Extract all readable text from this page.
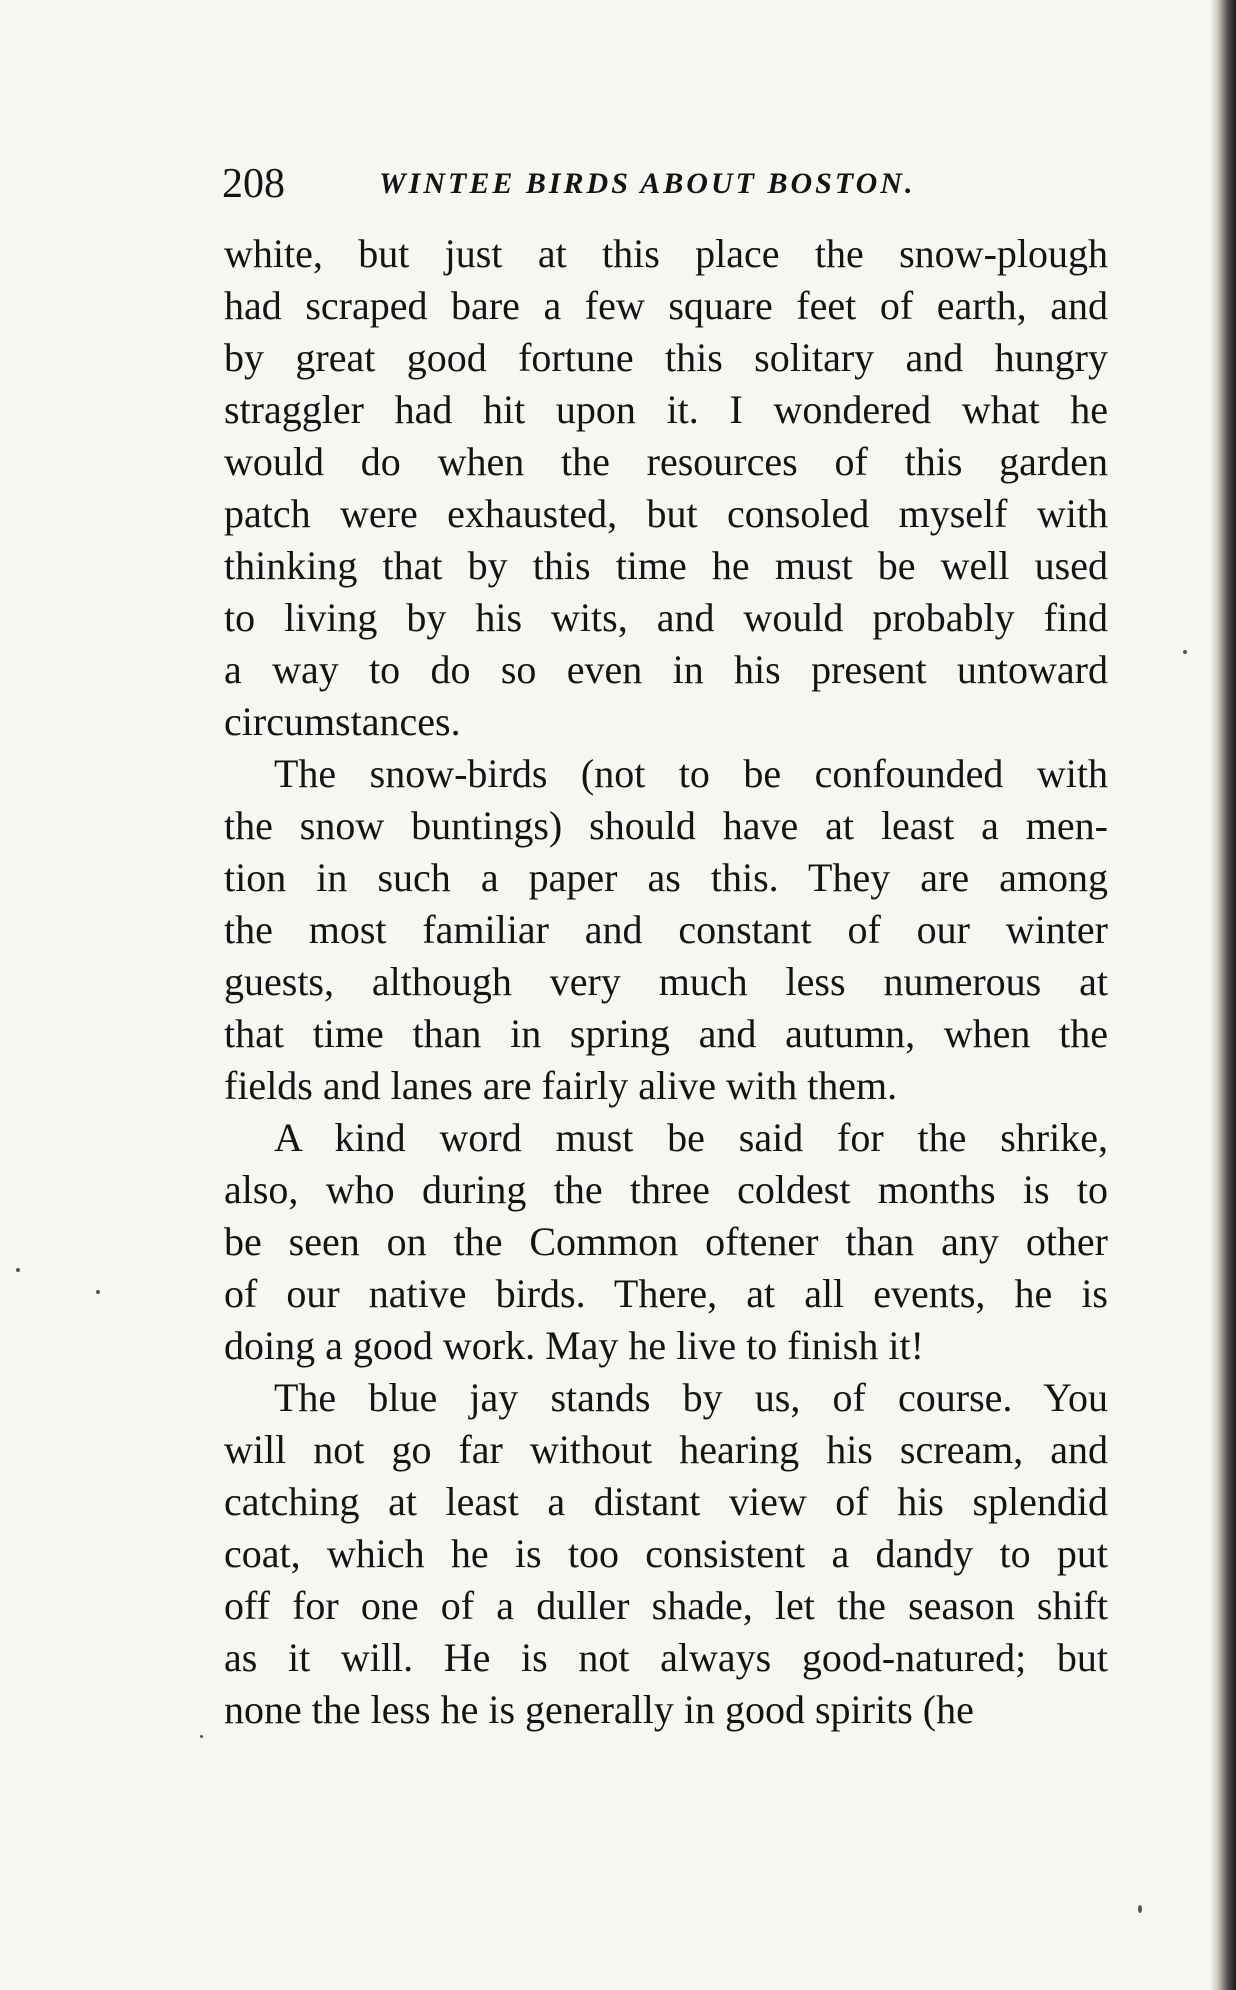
208	WINTEE BIRDS ABOUT BOSTON.
white, but just at this place the snow-plough
had scraped bare a few square feet of earth, and
by great good fortune this solitary and hungry
straggler had hit upon it. I wondered what he
would do when the resources of this garden
patch were exhausted, but consoled myself with
thinking that by this time he must be well used
to living by his wits, and would probably find
a way to do so even in his present untoward
circumstances.
The snow-birds (not to be confounded with
the snow buntings) should have at least a men-
tion in such a paper as this. They are among
the most familiar and constant of our winter
guests, although very much less numerous at
that time than in spring and autumn, when the
fields and lanes are fairly alive with them.
A kind word must be said for the shrike,
also, who during the three coldest months is to
be seen on the Common oftener than any other
of our native birds. There, at all events, he is
doing a good work. May he live to finish it!
The blue jay stands by us, of course. You
will not go far without hearing his scream, and
catching at least a distant view of his splendid
coat, which he is too consistent a dandy to put
off for one of a duller shade, let the season shift
as it will. He is not always good-natured; but
none the less he is generally in good spirits (he
